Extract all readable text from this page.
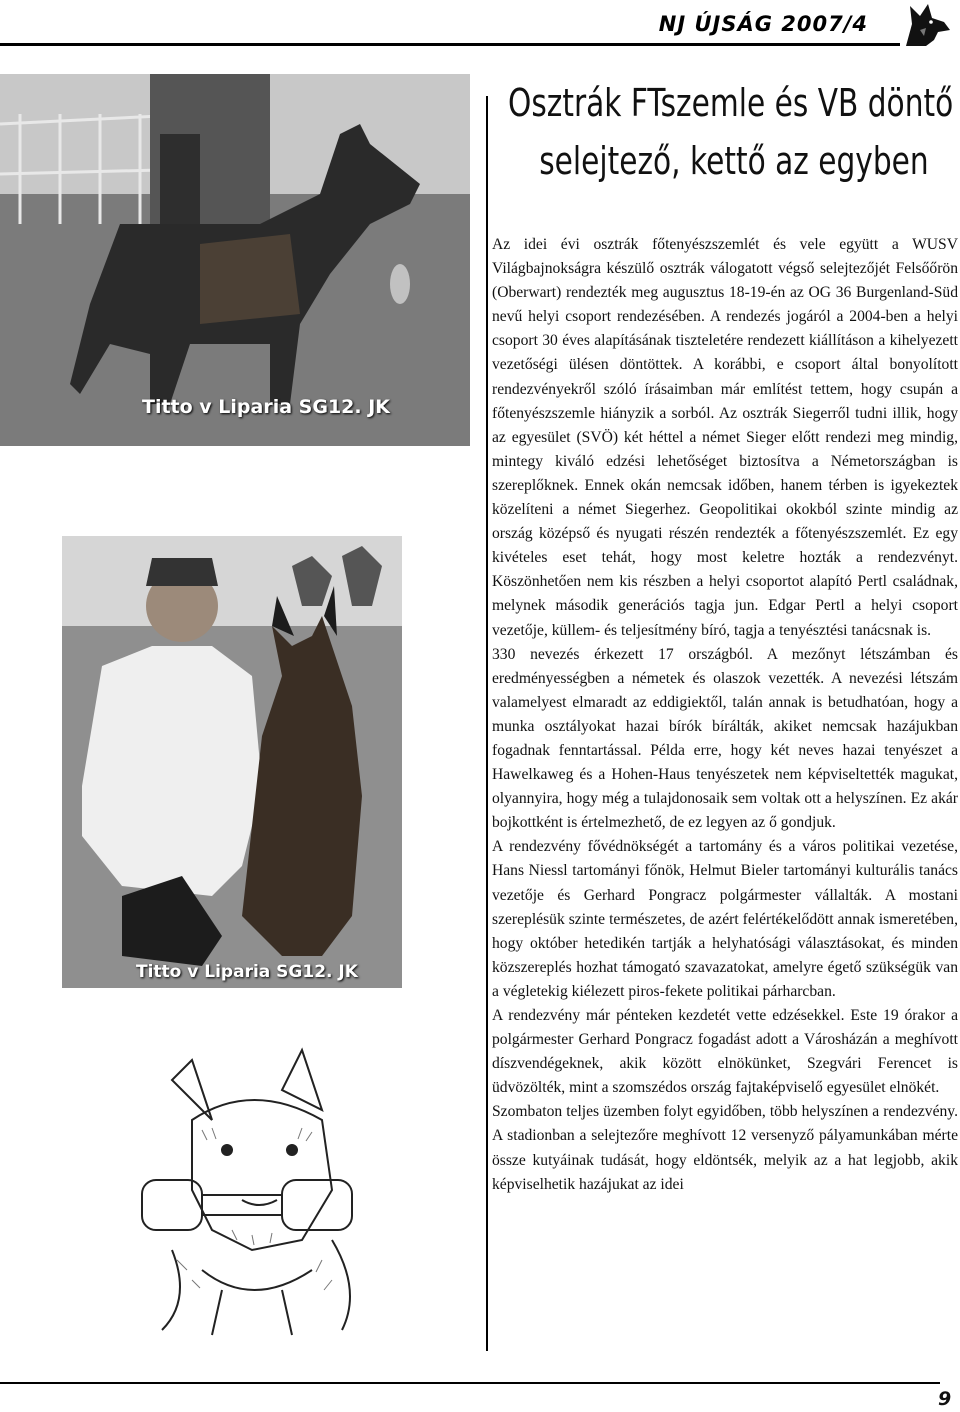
NJ ÚJSÁG 2007/4
Titto v Liparia SG12. JK
Titto v Liparia SG12. JK
Osztrák FTszemle és VB döntő
selejtező, kettő az egyben

Az idei évi osztrák főtenyészszemlét és vele együtt a WUSV Világbajnokságra készülő osztrák válogatott végső selejtezőjét Felsőőrön (Oberwart) rendezték meg augusztus 18-19-én az OG 36 Burgenland-Süd nevű helyi csoport rendezésében. A rendezés jogáról a 2004-ben a helyi csoport 30 éves alapításának tiszteletére rendezett kiállításon a kihelyezett vezetőségi ülésen döntöttek. A korábbi, e csoport által bonyolított rendezvényekről szóló írásaimban már említést tettem, hogy csupán a főtenyészszemle hiányzik a sorból. Az osztrák Siegerről tudni illik, hogy az egyesület (SVÖ) két héttel a német Sieger előtt rendezi meg mindig, mintegy kiváló edzési lehetőséget biztosítva a Németországban is szereplőknek. Ennek okán nemcsak időben, hanem térben is igyekeztek közelíteni a német Siegerhez. Geopolitikai okokból szinte mindig az ország középső és nyugati részén rendezték a főtenyészszemlét. Ez egy kivételes eset tehát, hogy most keletre hozták a rendezvényt. Köszönhetően nem kis részben a helyi csoportot alapító Pertl családnak, melynek második generációs tagja jun. Edgar Pertl a helyi csoport vezetője, küllem- és teljesítmény bíró, tagja a tenyésztési tanácsnak is.

330 nevezés érkezett 17 országból. A mezőnyt létszámban és eredményességben a németek és olaszok vezették. A nevezési létszám valamelyest elmaradt az eddigiektől, talán annak is betudhatóan, hogy a munka osztályokat hazai bírók bírálták, akiket nemcsak hazájukban fogadnak fenntartással. Példa erre, hogy két neves hazai tenyészet a Hawelkaweg és a Hohen-Haus tenyészetek nem képviseltették magukat, olyannyira, hogy még a tulajdonosaik sem voltak ott a helyszínen. Ez akár bojkottként is értelmezhető, de ez legyen az ő gondjuk.

A rendezvény fővédnökségét a tartomány és a város politikai vezetése, Hans Niessl tartományi főnök, Helmut Bieler tartományi kulturális tanács vezetője és Gerhard Pongracz polgármester vállalták. A mostani szereplésük szinte természetes, de azért felértékelődött annak ismeretében, hogy október hetedikén tartják a helyhatósági választásokat, és minden közszereplés hozhat támogató szavazatokat, amelyre égető szükségük van a végletekig kiélezett piros-fekete politikai párharcban.

A rendezvény már pénteken kezdetét vette edzésekkel. Este 19 órakor a polgármester Gerhard Pongracz fogadást adott a Városházán a meghívott díszvendégeknek, akik között elnökünket, Szegvári Ferencet is üdvözölték, mint a szomszédos ország fajtaképviselő egyesület elnökét.

Szombaton teljes üzemben folyt egyidőben, több helyszínen a rendezvény. A stadionban a selejtezőre meghívott 12 versenyző pályamunkában mérte össze kutyáinak tudását, hogy eldöntsék, melyik az a hat legjobb, akik képviselhetik hazájukat az idei

9
